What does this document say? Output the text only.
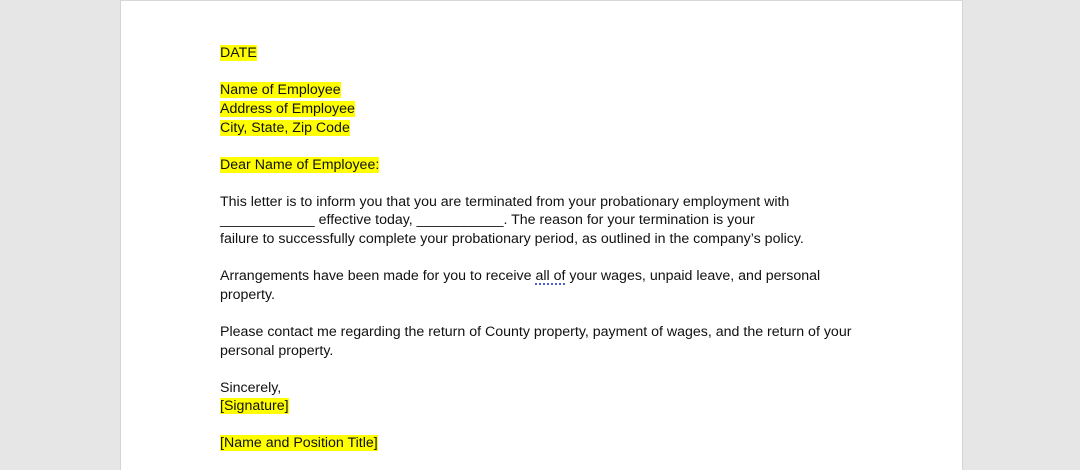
DATE
Name of Employee
Address of Employee
City, State, Zip Code
Dear Name of Employee:
This letter is to inform you that you are terminated from your probationary employment with
____________ effective today, ___________. The reason for your termination is your
failure to successfully complete your probationary period, as outlined in the company’s policy.
Arrangements have been made for you to receive all of your wages, unpaid leave, and personal
property.
Please contact me regarding the return of County property, payment of wages, and the return of your
personal property.
Sincerely,
[Signature]
[Name and Position Title]
